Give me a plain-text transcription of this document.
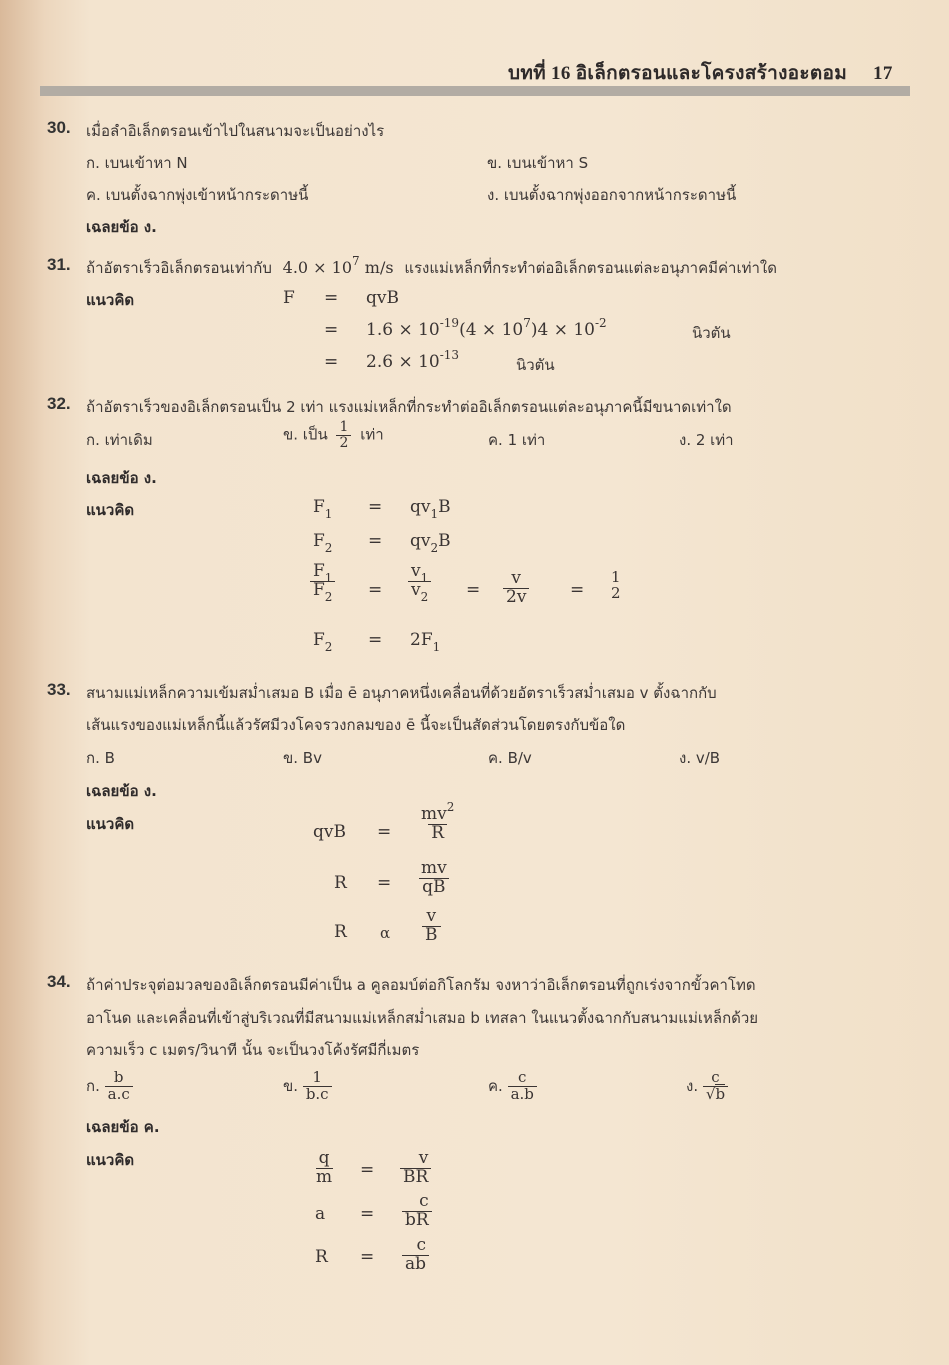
บทที่ 16 อิเล็กตรอนและโครงสร้างอะตอม 17
30. เมื่อลำอิเล็กตรอนเข้าไปในสนามจะเป็นอย่างไร
ก. เบนเข้าหา N	ข. เบนเข้าหา S
ค. เบนตั้งฉากพุ่งเข้าหน้ากระดาษนี้	ง. เบนตั้งฉากพุ่งออกจากหน้ากระดาษนี้
เฉลยข้อ ง.
31. ถ้าอัตราเร็วอิเล็กตรอนเท่ากับ $4.0 \times 10^7$ m/s แรงแม่เหล็กที่กระทำต่ออิเล็กตรอนแต่ละอนุภาคมีค่าเท่าใด
แนวคิด	F = qvB
= $1.6 \times 10^{-19}(4 \times 10^7)4 \times 10^{-2}$
นิวตัน
= $2.6 \times 10^{-13}$
นิวตัน
32. ถ้าอัตราเร็วของอิเล็กตรอนเป็น 2 เท่า แรงแม่เหล็กที่กระทำต่ออิเล็กตรอนแต่ละอนุภาคนี้มีขนาดเท่าใด
ก. เท่าเดิม	ข. เป็น $\frac{1}{2}$ เท่า	ค. 1 เท่า	ง. 2 เท่า
เฉลยข้อ ง.
แนวคิด	$F_1 = qv_1B$
$F_2 = qv_2B$
$\frac{F_1}{F_2} = \frac{v_1}{v_2} = \frac{v}{2v}$ =
1
2
$F_2 = 2F_1$
33. สนามแม่เหล็กความเข้มสม่ำเสมอ B เมื่อ ē อนุภาคหนึ่งเคลื่อนที่ด้วยอัตราเร็วสม่ำเสมอ v ตั้งฉากกับ
เส้นแรงของแม่เหล็กนี้แล้วรัศมีวงโคจรวงกลมของ ē นี้จะเป็นสัดส่วนโดยตรงกับข้อใด
ก. B	ข. Bv	ค. B/v	ง. v/B
เฉลยข้อ ง.
แนวคิด	qvB = $\frac{mv^2}{R}$
$R = \frac{mv}{qB}$
R α $\frac{v}{B}$
34. ถ้าค่าประจุต่อมวลของอิเล็กตรอนมีค่าเป็น a คูลอมบ์ต่อกิโลกรัม จงหาว่าอิเล็กตรอนที่ถูกเร่งจากขั้วคาโทด
อาโนด และเคลื่อนที่เข้าสู่บริเวณที่มีสนามแม่เหล็กสม่ำเสมอ b เทสลา ในแนวตั้งฉากกับสนามแม่เหล็กด้วย
ความเร็ว c เมตร/วินาที นั้น จะเป็นวงโค้งรัศมีกี่เมตร
ก. $\frac{b}{a.c}$	ข. $\frac{1}{b.c}$	ค. $\frac{c}{a.b}$	ง. $\frac{c}{√b}$
เฉลยข้อ ค.
แนวคิด	$\frac{q}{m} = \frac{v}{BR}$
$a = \frac{c}{bR}$
$R = \frac{c}{ab}$
